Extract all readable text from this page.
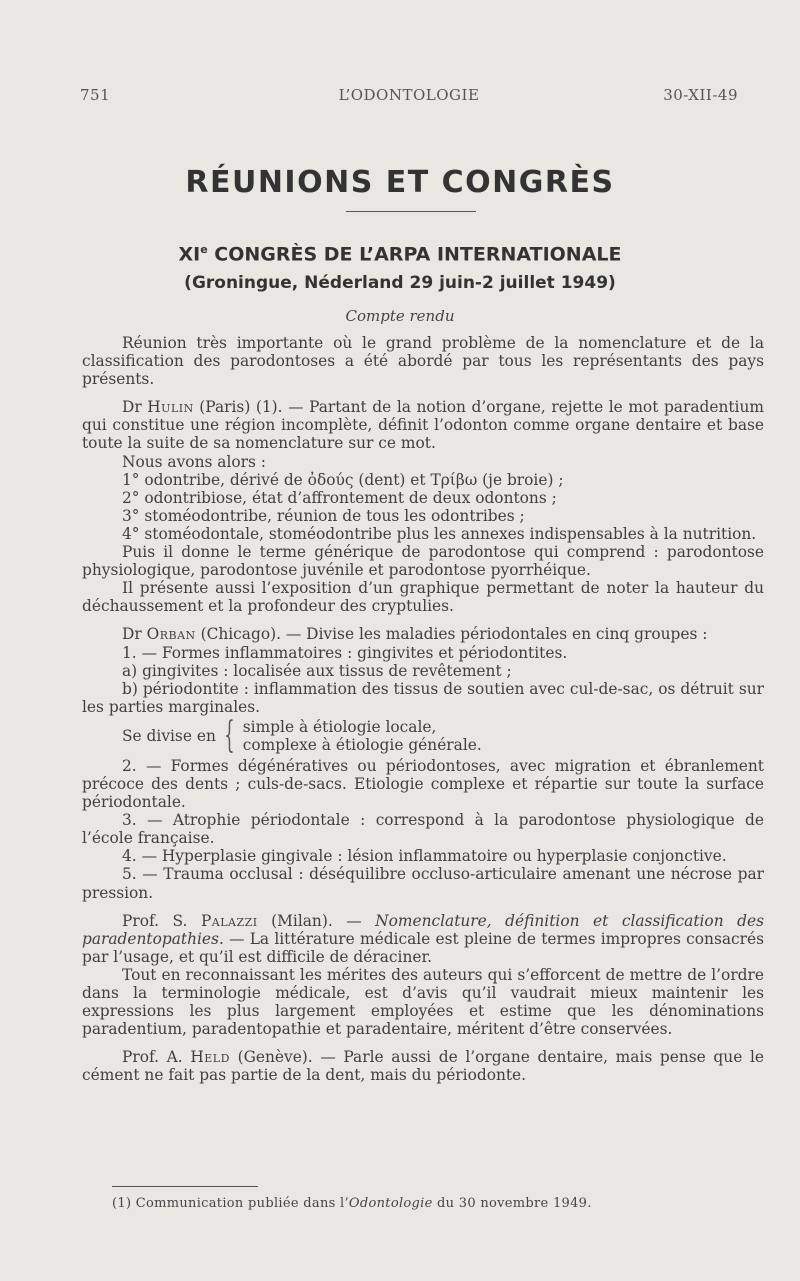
751	L’ODONTOLOGIE	30-XII-49
RÉUNIONS ET CONGRÈS
XIe CONGRÈS DE L’ARPA INTERNATIONALE
(Groningue, Néderland 29 juin-2 juillet 1949)
Compte rendu

Réunion très importante où le grand problème de la nomenclature et de la classification des parodontoses a été abordé par tous les représentants des pays présents.

Dr Hulin (Paris) (1). — Partant de la notion d’organe, rejette le mot paradentium qui constitue une région incomplète, définit l’odonton comme organe dentaire et base toute la suite de sa nomenclature sur ce mot.

Nous avons alors :

1° odontribe, dérivé de ὀδούς (dent) et Τρίβω (je broie) ;

2° odontribiose, état d’affrontement de deux odontons ;

3° stoméodontribe, réunion de tous les odontribes ;

4° stoméodontale, stoméodontribe plus les annexes indispensables à la nutrition.

Puis il donne le terme générique de parodontose qui comprend : parodontose physiologique, parodontose juvénile et parodontose pyorrhéique.

Il présente aussi l’exposition d’un graphique permettant de noter la hauteur du déchaussement et la profondeur des cryptulies.

Dr Orban (Chicago). — Divise les maladies périodontales en cinq groupes :

1. — Formes inflammatoires : gingivites et périodontites.

a) gingivites : localisée aux tissus de revêtement ;

b) périodontite : inflammation des tissus de soutien avec cul-de-sac, os détruit sur les parties marginales.

Se divise en { simple à étiologie locale,
complexe à étiologie générale.

2. — Formes dégénératives ou périodontoses, avec migration et ébranlement précoce des dents ; culs-de-sacs. Etiologie complexe et répartie sur toute la surface périodontale.

3. — Atrophie périodontale : correspond à la parodontose physiologique de l’école française.

4. — Hyperplasie gingivale : lésion inflammatoire ou hyperplasie conjonctive.

5. — Trauma occlusal : déséquilibre occluso-articulaire amenant une nécrose par pression.

Prof. S. Palazzi (Milan). — Nomenclature, définition et classification des paradentopathies. — La littérature médicale est pleine de termes impropres consacrés par l’usage, et qu’il est difficile de déraciner.

Tout en reconnaissant les mérites des auteurs qui s’efforcent de mettre de l’ordre dans la terminologie médicale, est d’avis qu’il vaudrait mieux maintenir les expressions les plus largement employées et estime que les dénominations paradentium, paradentopathie et paradentaire, méritent d’être conservées.

Prof. A. Held (Genève). — Parle aussi de l’organe dentaire, mais pense que le cément ne fait pas partie de la dent, mais du périodonte.

(1) Communication publiée dans l’Odontologie du 30 novembre 1949.
